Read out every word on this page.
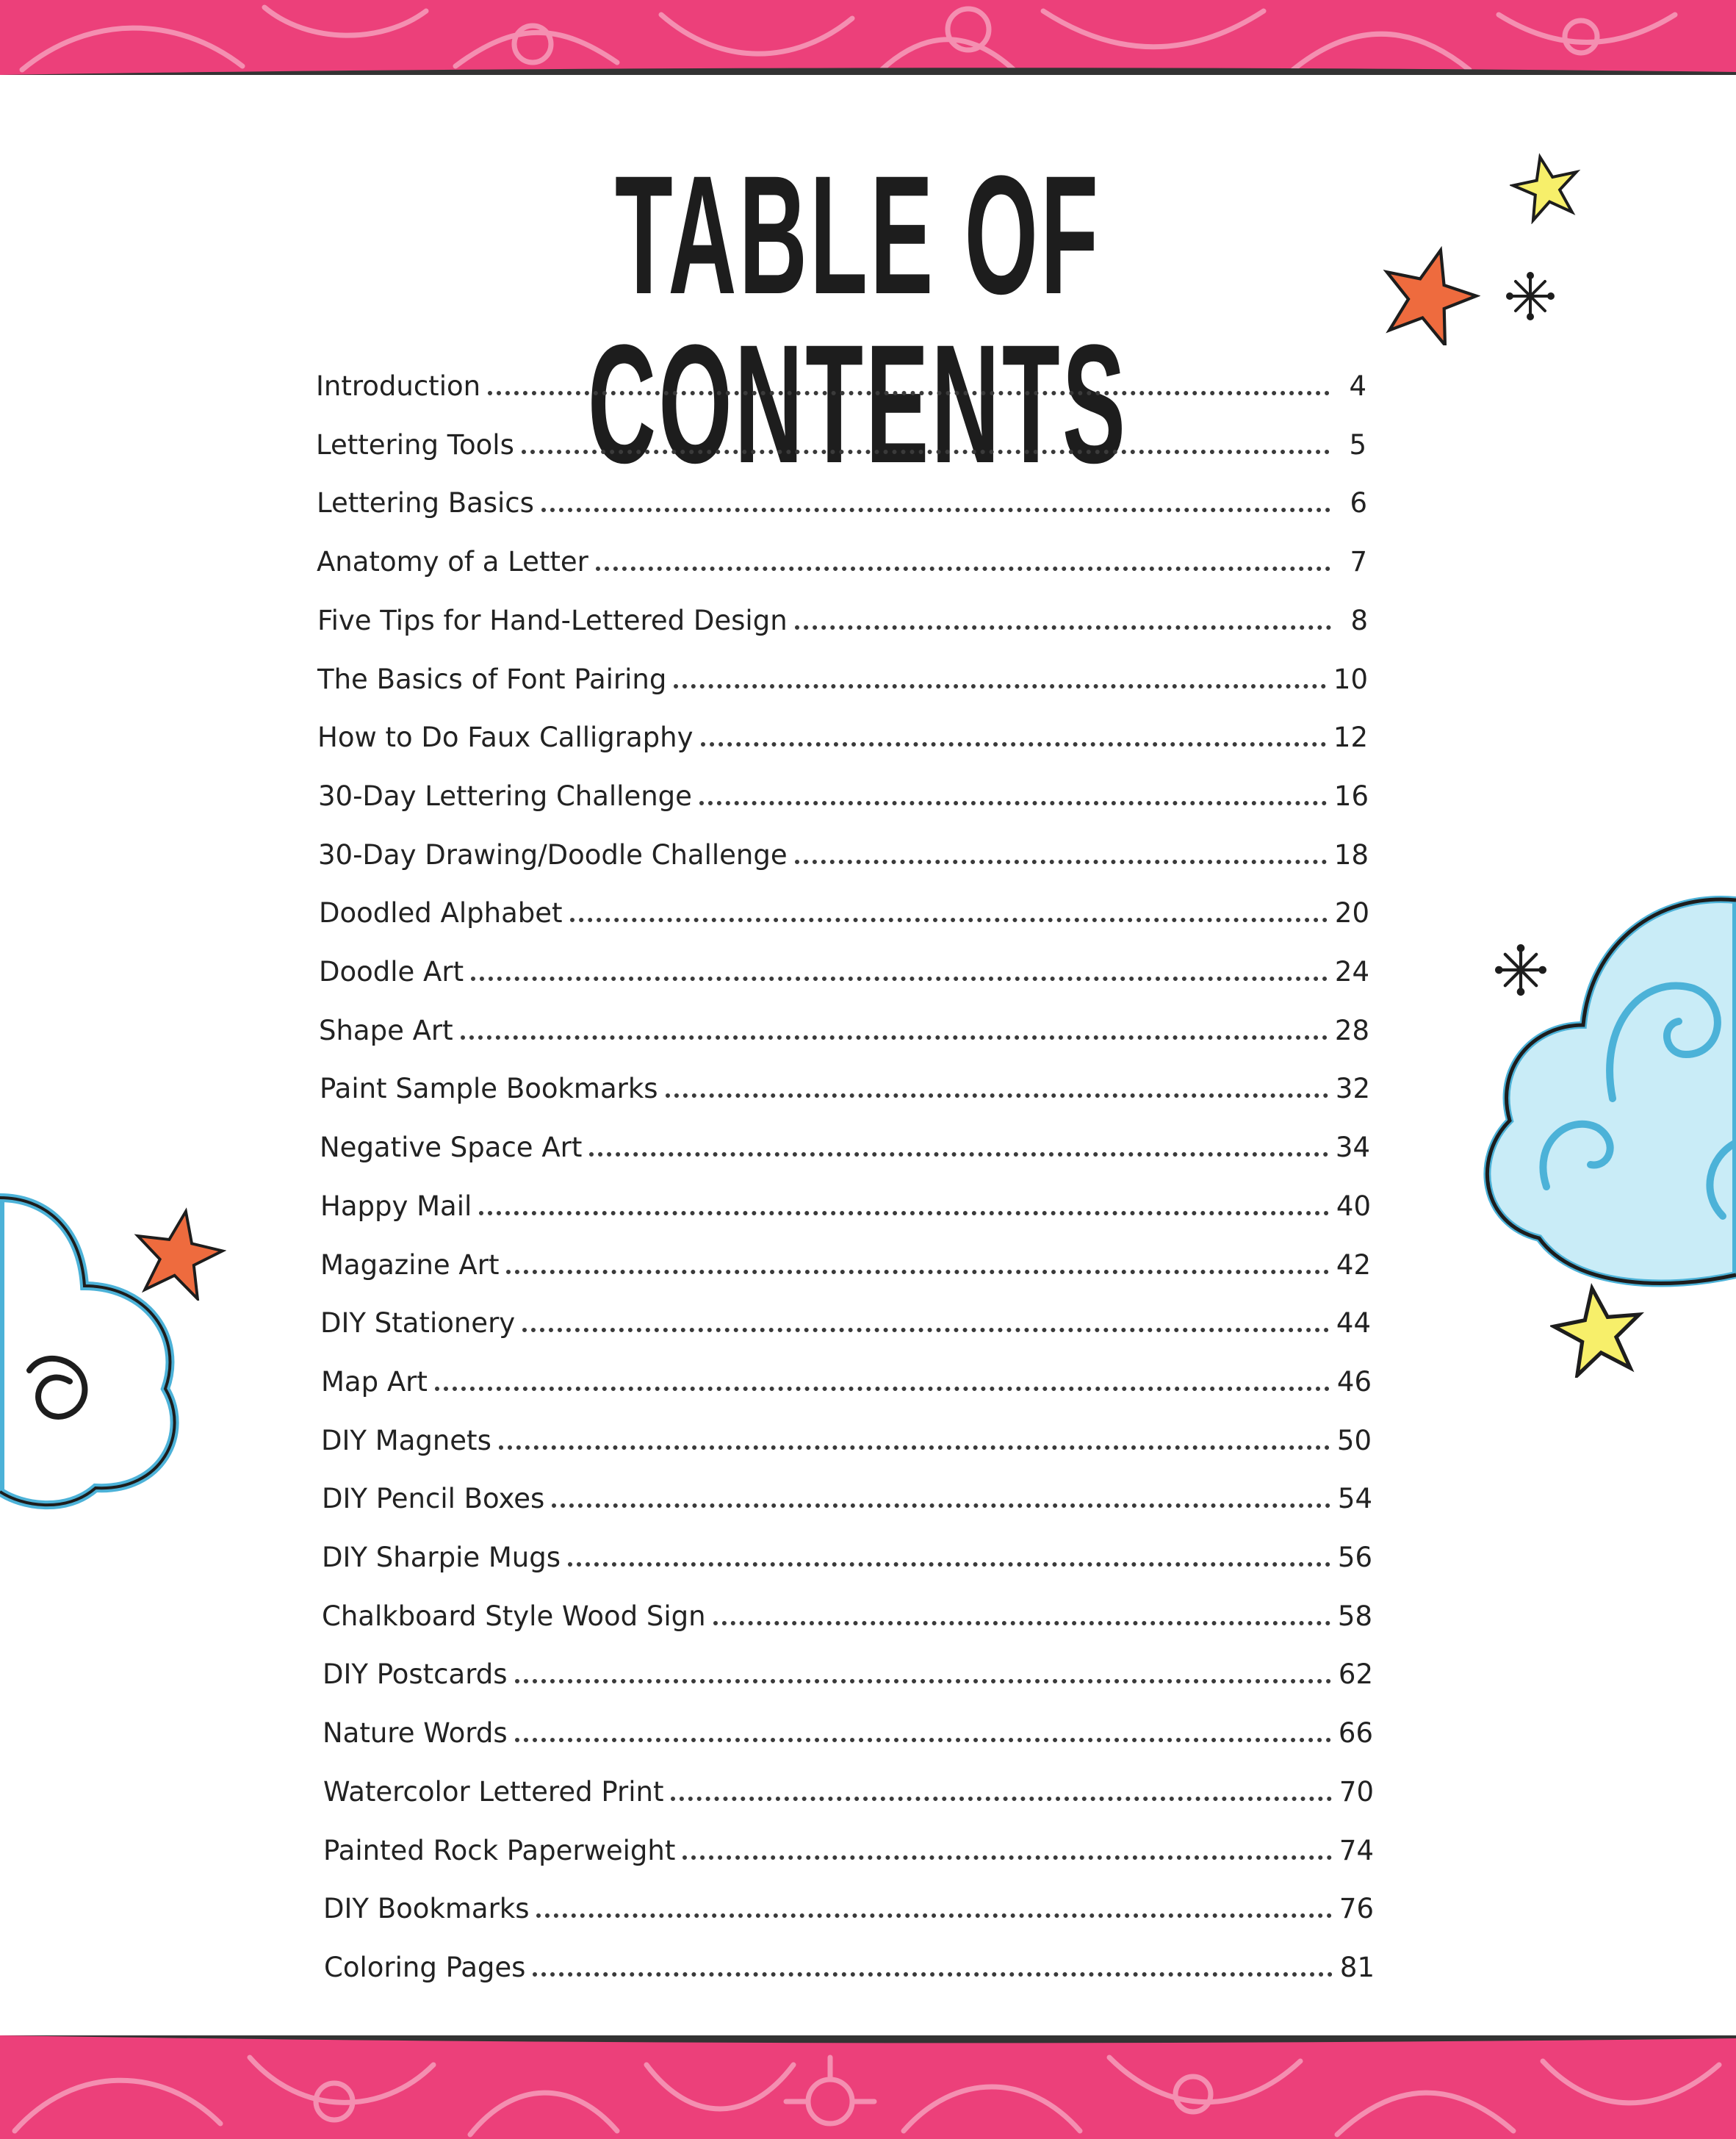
TABLE OF CONTENTS
Introduction	4
Lettering Tools	5
Lettering Basics	6
Anatomy of a Letter	7
Five Tips for Hand-Lettered Design	8
The Basics of Font Pairing	10
How to Do Faux Calligraphy	12
30-Day Lettering Challenge	16
30-Day Drawing/Doodle Challenge	18
Doodled Alphabet	20
Doodle Art	24
Shape Art	28
Paint Sample Bookmarks	32
Negative Space Art	34
Happy Mail	40
Magazine Art	42
DIY Stationery	44
Map Art	46
DIY Magnets	50
DIY Pencil Boxes	54
DIY Sharpie Mugs	56
Chalkboard Style Wood Sign	58
DIY Postcards	62
Nature Words	66
Watercolor Lettered Print	70
Painted Rock Paperweight	74
DIY Bookmarks	76
Coloring Pages	81
